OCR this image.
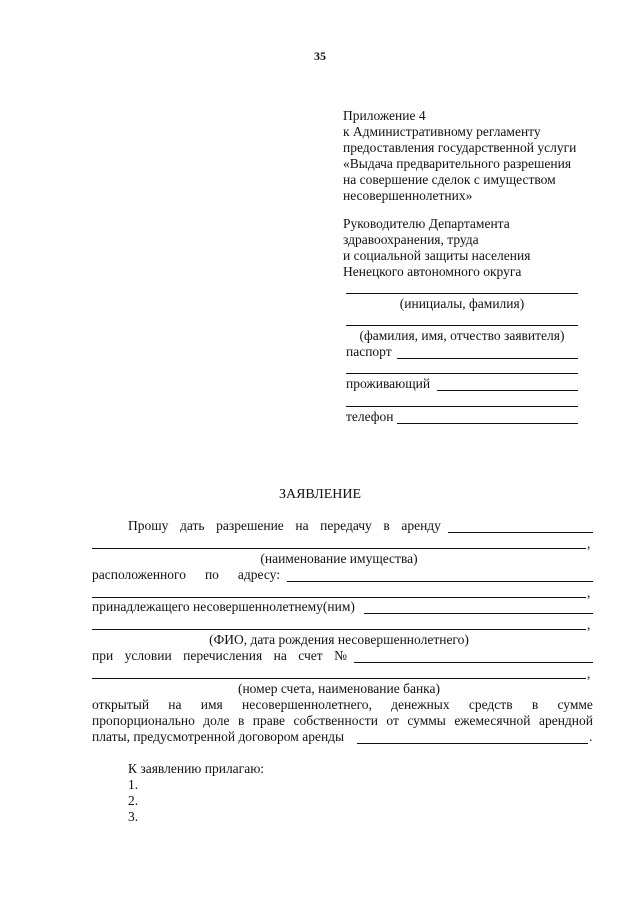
35
Приложение 4
к Административному регламенту
предоставления государственной услуги
«Выдача предварительного разрешения
на совершение сделок с имуществом
несовершеннолетних»
Руководителю Департамента
здравоохранения, труда
и социальной защиты населения
Ненецкого автономного округа
(инициалы, фамилия)
(фамилия, имя, отчество заявителя)
паспорт
проживающий
телефон
ЗАЯВЛЕНИЕ
Прошу дать разрешение на передачу в аренду
,
(наименование имущества)
расположенного по адресу:
,
принадлежащего несовершеннолетнему(ним)
,
(ФИО, дата рождения несовершеннолетнего)
при условии перечисления на счет №
,
(номер счета, наименование банка)
открытый на имя несовершеннолетнего, денежных средств в сумме
пропорционально доле в праве собственности от суммы ежемесячной арендной
платы, предусмотренной договором аренды	.
К заявлению прилагаю:
1.
2.
3.
